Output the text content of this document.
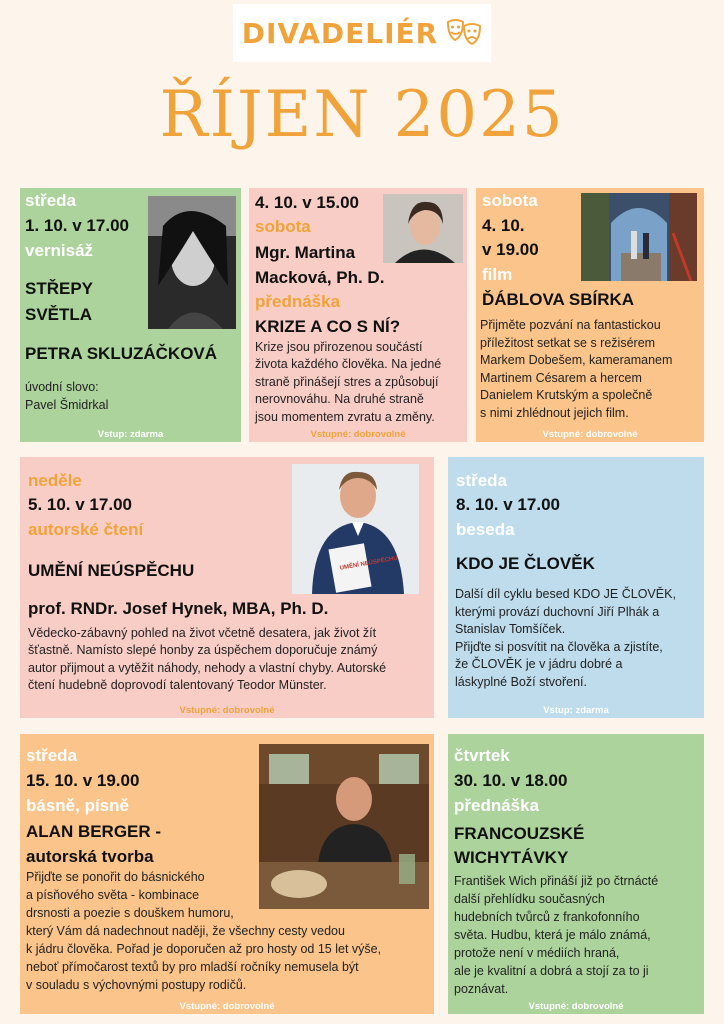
DIVADELIÉR
ŘÍJEN 2025
středa
1. 10. v 17.00
vernisáž
STŘEPY
SVĚTLA
PETRA SKLUZÁČKOVÁ
úvodní slovo:
Pavel Šmidrkal
Vstup: zdarma
4. 10. v 15.00
sobota
Mgr. Martina
Macková, Ph. D.
přednáška
KRIZE A CO S NÍ?
Krize jsou přirozenou součástí
života každého člověka. Na jedné
straně přinášejí stres a způsobují
nerovnováhu. Na druhé straně
jsou momentem zvratu a změny.
Vstupné: dobrovolné
sobota
4. 10.
v 19.00
film
ĎÁBLOVA SBÍRKA
Přijměte pozvání na fantastickou
příležitost setkat se s režisérem
Markem Dobešem, kameramanem
Martinem Césarem a hercem
Danielem Krutským a společně
s nimi zhlédnout jejich film.
Vstupné: dobrovolné
neděle
5. 10. v 17.00
autorské čtení
UMĚNÍ NEÚSPĚCHU
prof. RNDr. Josef Hynek, MBA, Ph. D.
Vědecko-zábavný pohled na život včetně desatera, jak život žít
šťastně. Namísto slepé honby za úspěchem doporučuje známý
autor přijmout a vytěžit náhody, nehody a vlastní chyby. Autorské
čtení hudebně doprovodí talentovaný Teodor Münster.
Vstupné: dobrovolné
UMĚNÍ NEÚSPĚCHU
středa
8. 10. v 17.00
beseda
KDO JE ČLOVĚK
Další díl cyklu besed KDO JE ČLOVĚK,
kterými provází duchovní Jiří Plhák a
Stanislav Tomšíček.
Přijďte si posvítit na člověka a zjistíte,
že ČLOVĚK je v jádru dobré a
láskyplné Boží stvoření.
Vstup: zdarma
středa
15. 10. v 19.00
básně, písně
ALAN BERGER -
autorská tvorba
Přijďte se ponořit do básnického
a písňového světa - kombinace
drsnosti a poezie s douškem humoru,
který Vám dá nadechnout naději, že všechny cesty vedou
k jádru člověka. Pořad je doporučen až pro hosty od 15 let výše,
neboť přímočarost textů by pro mladší ročníky nemusela být
v souladu s výchovnými postupy rodičů.
Vstupné: dobrovolné
čtvrtek
30. 10. v 18.00
přednáška
FRANCOUZSKÉ
WICHYTÁVKY
František Wich přináší již po čtrnácté
další přehlídku současných
hudebních tvůrců z frankofonního
světa. Hudbu, která je málo známá,
protože není v médiích hraná,
ale je kvalitní a dobrá a stojí za to ji
poznávat.
Vstupné: dobrovolné
